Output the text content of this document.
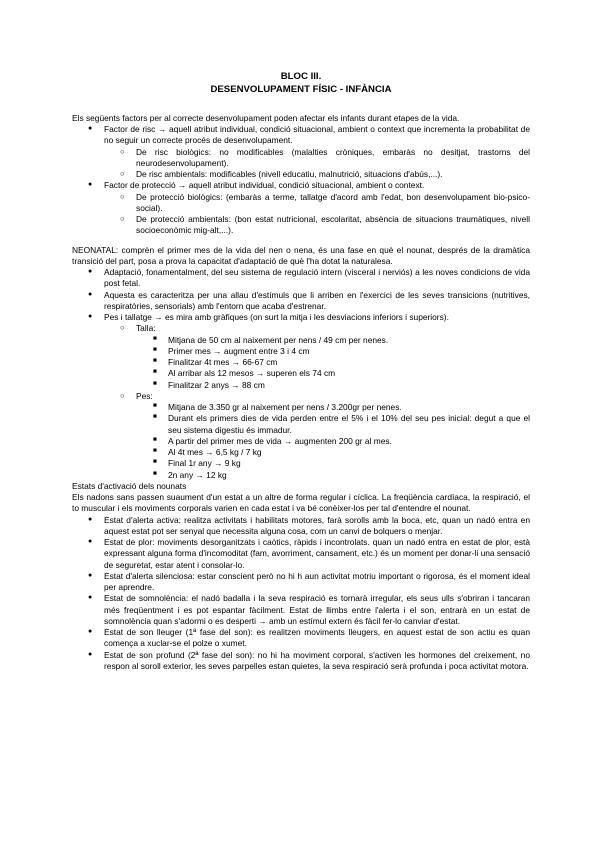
BLOC III.
DESENVOLUPAMENT FÍSIC - INFÀNCIA

Els següents factors per al correcte desenvolupament poden afectar els infants durant etapes de la vida.

● Factor de risc → aquell atribut individual, condició situacional, ambient o context que incrementa la probabilitat de no seguir un correcte procés de desenvolupament.
○ De risc biològics: no modificables (malalties cròniques, embaràs no desitjat, trastorns del neurodesenvolupament).
○ De risc ambientals: modificables (nivell educatiu, malnutrició, situacions d'abús,...).
● Factor de protecció → aquell atribut individual, condició situacional, ambient o context.
○ De protecció biològics: (embaràs a terme, tallatge d'acord amb l'edat, bon desenvolupament bio-psico-social).
○ De protecció ambientals: (bon estat nutricional, escolaritat, absència de situacions traumàtiques, nivell socioeconòmic mig-alt,...).

NEONATAL: comprèn el primer mes de la vida del nen o nena, és una fase en què el nounat, després de la dramàtica transició del part, posa a prova la capacitat d'adaptació de què l'ha dotat la naturalesa.

● Adaptació, fonamentalment, del seu sistema de regulació intern (visceral i nerviós) a les noves condicions de vida post fetal.
● Aquesta es caracteritza per una allau d'estímuls que li arriben en l'exercici de les seves transicions (nutritives, respiratòries, sensorials) amb l'entorn que acaba d'estrenar.
● Pes i tallatge → es mira amb gràfiques (on surt la mitja i les desviacions inferiors i superiors).
○ Talla:
■ Mitjana de 50 cm al naixement per nens / 49 cm per nenes.
■ Primer mes → augment entre 3 i 4 cm
■ Finalitzar 4t mes → 66-67 cm
■ Al arribar als 12 mesos → superen els 74 cm
■ Finalitzar 2 anys → 88 cm
○ Pes:
■ Mitjana de 3.350 gr al naixement per nens / 3.200gr per nenes.
■ Durant els primers dies de vida perden entre el 5% i el 10% del seu pes inicial: degut a que el seu sistema digestiu és immadur.
■ A partir del primer mes de vida → augmenten 200 gr al mes.
■ Al 4t mes → 6,5 kg / 7 kg
■ Final 1r any → 9 kg
■ 2n any → 12 kg

Estats d'activació dels nounats

Els nadons sans passen suaument d'un estat a un altre de forma regular i cíclica. La freqüència cardíaca, la respiració, el to muscular i els moviments corporals varien en cada estat i va bé conèixer-los per tal d'entendre el nounat.

● Estat d'alerta activa: realitza activitats i habilitats motores, farà sorolls amb la boca, etc, quan un nadó entra en aquest estat pot ser senyal que necessita alguna cosa, com un canvi de bolquers o menjar.
● Estat de plor: moviments desorganitzats i caòtics, ràpids i incontrolats. quan un nadó entra en estat de plor, està expressant alguna forma d'incomoditat (fam, avorriment, cansament, etc.) és un moment per donar-li una sensació de seguretat, estar atent i consolar-lo.
● Estat d'alerta silenciosa: estar conscient però no hi h aun activitat motriu important o rigorosa, és el moment ideal per aprendre.
● Estat de somnolència: el nadó badalla i la seva respiració es tornarà irregular, els seus ulls s'obriran i tancaran més freqüentment i es pot espantar fàcilment. Estat de llimbs entre l'alerta i el son, entrarà en un estat de somnolència quan s'adormi o es desperti → amb un estímul extern és fàcil fer-lo canviar d'estat.
● Estat de son lleuger (1ª fase del son): es realitzen moviments lleugers, en aquest estat de son actiu es quan comença a xuclar-se el polze o xumet.
● Estat de son profund (2ª fase del son): no hi ha moviment corporal, s'activen les hormones del creixement, no respon al soroll exterior, les seves parpelles estan quietes, la seva respiració serà profunda i poca activitat motora.
